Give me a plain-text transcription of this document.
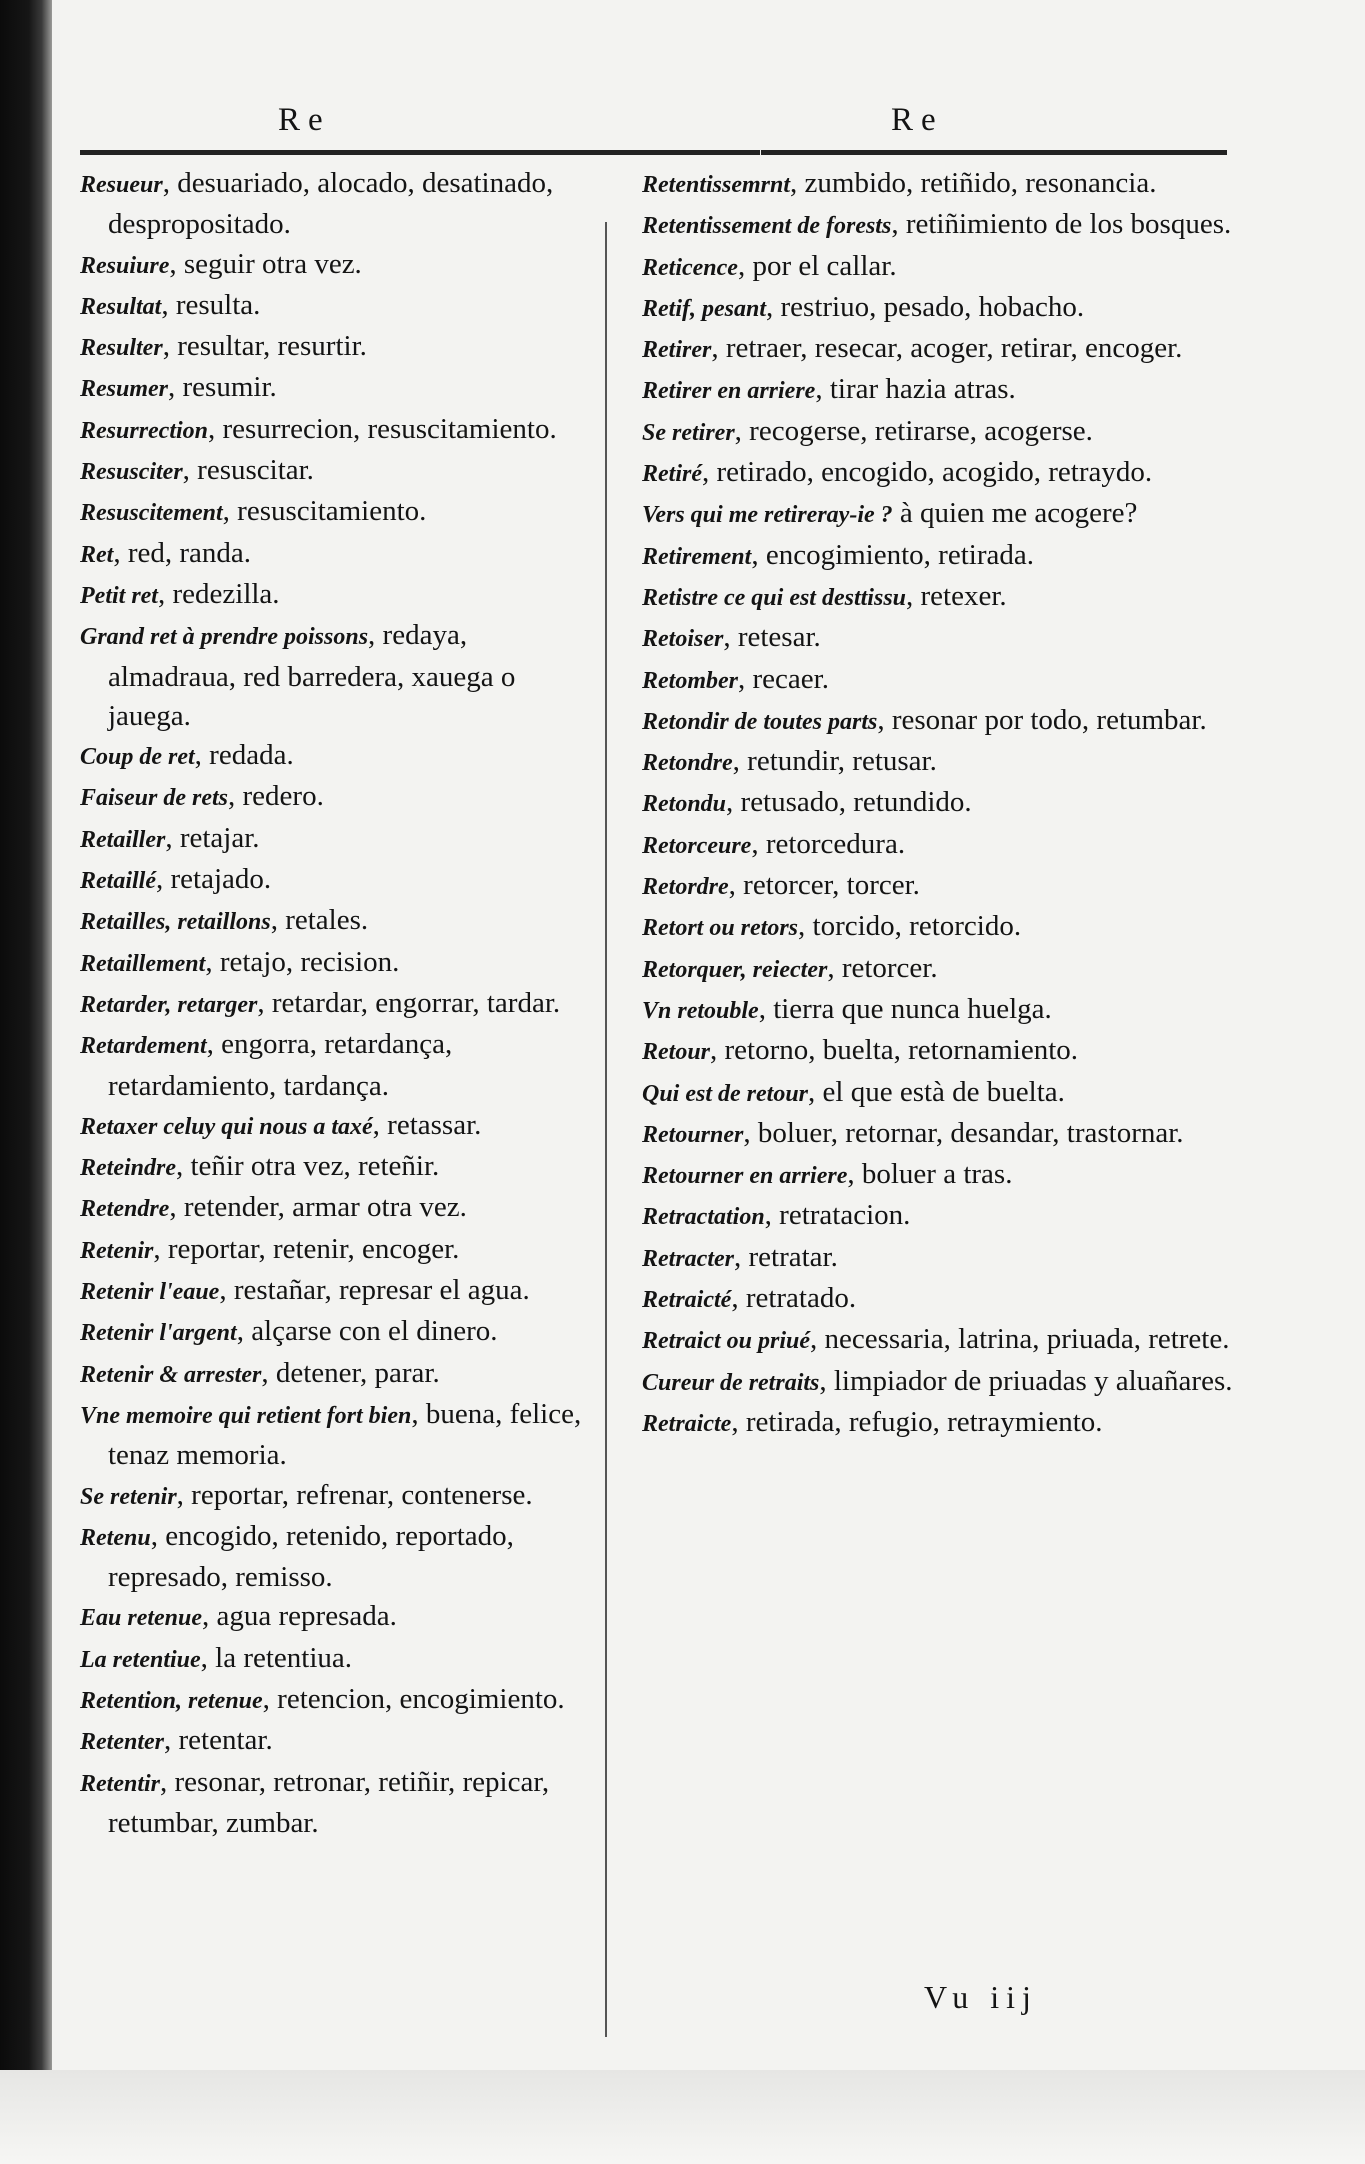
Re	Re

Resueur, desuariado, alocado, desatinado, despropositado.

Resuiure, seguir otra vez.

Resultat, resulta.

Resulter, resultar, resurtir.

Resumer, resumir.

Resurrection, resurrecion, resuscitamiento.

Resusciter, resuscitar.

Resuscitement, resuscitamiento.

Ret, red, randa.

Petit ret, redezilla.

Grand ret à prendre poissons, redaya, almadraua, red barredera, xauega o jauega.

Coup de ret, redada.

Faiseur de rets, redero.

Retailler, retajar.

Retaillé, retajado.

Retailles, retaillons, retales.

Retaillement, retajo, recision.

Retarder, retarger, retardar, engorrar, tardar.

Retardement, engorra, retardança, retardamiento, tardança.

Retaxer celuy qui nous a taxé, retassar.

Reteindre, teñir otra vez, reteñir.

Retendre, retender, armar otra vez.

Retenir, reportar, retenir, encoger.

Retenir l'eaue, restañar, represar el agua.

Retenir l'argent, alçarse con el dinero.

Retenir & arrester, detener, parar.

Vne memoire qui retient fort bien, buena, felice, tenaz memoria.

Se retenir, reportar, refrenar, contenerse.

Retenu, encogido, retenido, reportado, represado, remisso.

Eau retenue, agua represada.

La retentiue, la retentiua.

Retention, retenue, retencion, encogimiento.

Retenter, retentar.

Retentir, resonar, retronar, retiñir, repicar, retumbar, zumbar.

Retentissemrnt, zumbido, retiñido, resonancia.

Retentissement de forests, retiñimiento de los bosques.

Reticence, por el callar.

Retif, pesant, restriuo, pesado, hobacho.

Retirer, retraer, resecar, acoger, retirar, encoger.

Retirer en arriere, tirar hazia atras.

Se retirer, recogerse, retirarse, acogerse.

Retiré, retirado, encogido, acogido, retraydo.

Vers qui me retireray-ie ? à quien me acogere?

Retirement, encogimiento, retirada.

Retistre ce qui est desttissu, retexer.

Retoiser, retesar.

Retomber, recaer.

Retondir de toutes parts, resonar por todo, retumbar.

Retondre, retundir, retusar.

Retondu, retusado, retundido.

Retorceure, retorcedura.

Retordre, retorcer, torcer.

Retort ou retors, torcido, retorcido.

Retorquer, reiecter, retorcer.

Vn retouble, tierra que nunca huelga.

Retour, retorno, buelta, retornamiento.

Qui est de retour, el que està de buelta.

Retourner, boluer, retornar, desandar, trastornar.

Retourner en arriere, boluer a tras.

Retractation, retratacion.

Retracter, retratar.

Retraicté, retratado.

Retraict ou priué, necessaria, latrina, priuada, retrete.

Cureur de retraits, limpiador de priuadas y aluañares.

Retraicte, retirada, refugio, retraymiento.

Vu iij
